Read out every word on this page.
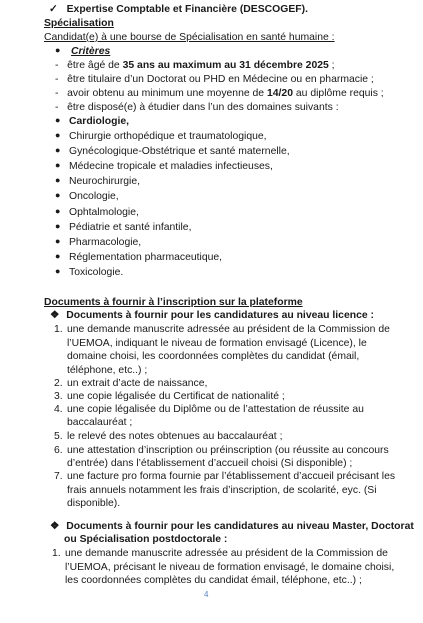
✓ Expertise Comptable et Financière (DESCOGEF).
Spécialisation
Candidat(e) à une bourse de Spécialisation en santé humaine :
● Critères
-   être âgé de 35 ans au maximum au 31 décembre 2025 ;
-   être titulaire d’un Doctorat ou PHD en Médecine ou en pharmacie ;
-   avoir obtenu au minimum une moyenne de 14/20 au diplôme requis ;
-   être disposé(e) à étudier dans l’un des domaines suivants :
● Cardiologie,
● Chirurgie orthopédique et traumatologique,
● Gynécologique-Obstétrique et santé maternelle,
● Médecine tropicale et maladies infectieuses,
● Neurochirurgie,
● Oncologie,
● Ophtalmologie,
● Pédiatrie et santé infantile,
● Pharmacologie,
● Réglementation pharmaceutique,
● Toxicologie.
Documents à fournir à l’inscription sur la plateforme
❖ Documents à fournir pour les candidatures au niveau licence :
1. une demande manuscrite adressée au président de la Commission de
l’UEMOA, indiquant le niveau de formation envisagé (Licence), le
domaine choisi, les coordonnées complètes du candidat (émail,
téléphone, etc..) ;
2. un extrait d’acte de naissance,
3. une copie légalisée du Certificat de nationalité ;
4. une copie légalisée du Diplôme ou de l’attestation de réussite au
baccalauréat ;
5. le relevé des notes obtenues au baccalauréat ;
6. une attestation d’inscription ou préinscription (ou réussite au concours
d’entrée) dans l’établissement d’accueil choisi (Si disponible) ;
7. une facture pro forma fournie par l’établissement d’accueil précisant les
frais annuels notamment les frais d’inscription, de scolarité, eyc. (Si
disponible).
❖ Documents à fournir pour les candidatures au niveau Master, Doctorat
ou Spécialisation postdoctorale :
1. une demande manuscrite adressée au président de la Commission de
l’UEMOA, précisant le niveau de formation envisagé, le domaine choisi,
les coordonnées complètes du candidat émail, téléphone, etc..) ;
4
